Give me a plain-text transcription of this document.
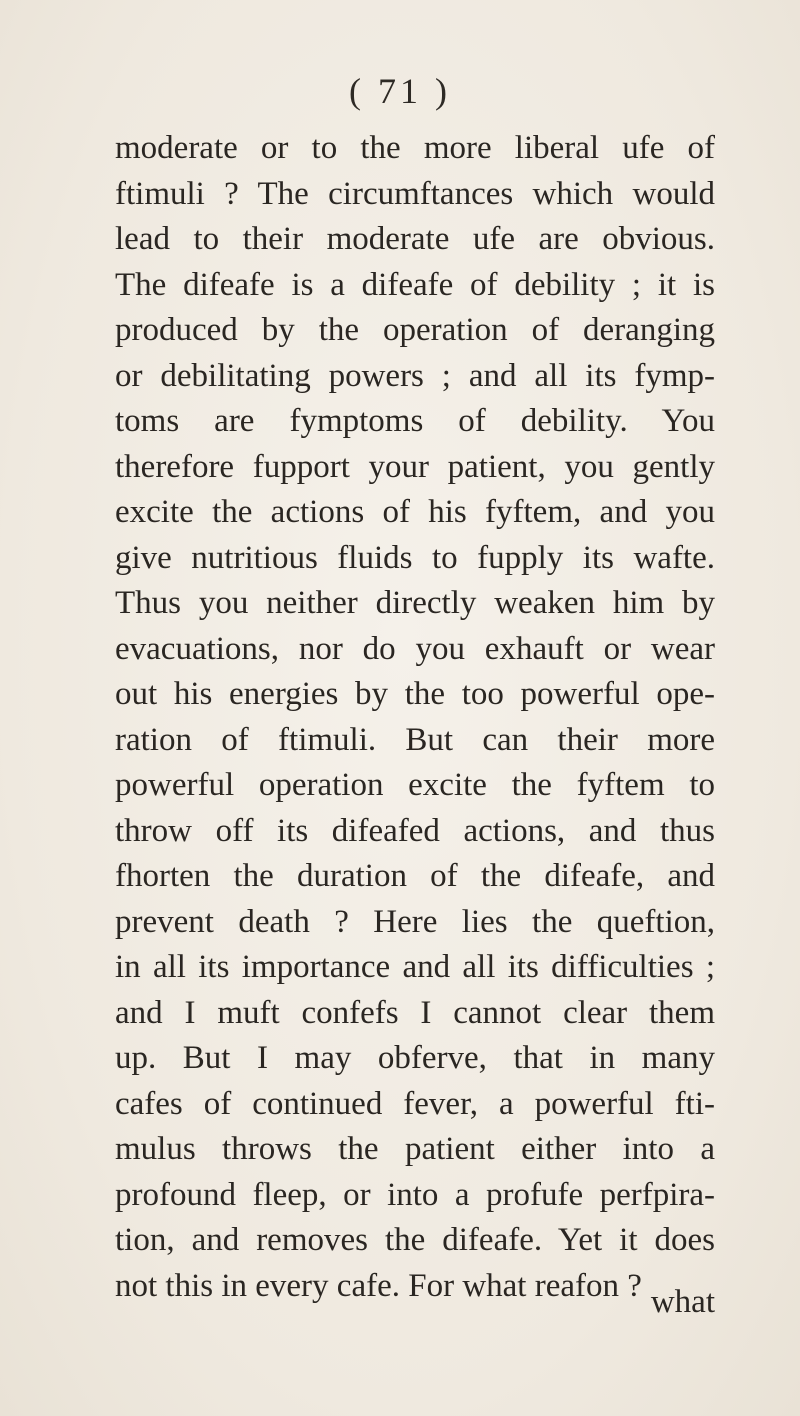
( 71 )
moderate or to the more liberal ufe of
ftimuli ? The circumftances which would
lead to their moderate ufe are obvious.
The difeafe is a difeafe of debility ; it is
produced by the operation of deranging
or debilitating powers ; and all its fymp-
toms are fymptoms of debility. You
therefore fupport your patient, you gently
excite the actions of his fyftem, and you
give nutritious fluids to fupply its wafte.
Thus you neither directly weaken him by
evacuations, nor do you exhauft or wear
out his energies by the too powerful ope-
ration of ftimuli. But can their more
powerful operation excite the fyftem to
throw off its difeafed actions, and thus
fhorten the duration of the difeafe, and
prevent death ? Here lies the queftion,
in all its importance and all its difficulties ;
and I muft confefs I cannot clear them
up. But I may obferve, that in many
cafes of continued fever, a powerful fti-
mulus throws the patient either into a
profound fleep, or into a profufe perfpira-
tion, and removes the difeafe. Yet it does
not this in every cafe. For what reafon ? what
